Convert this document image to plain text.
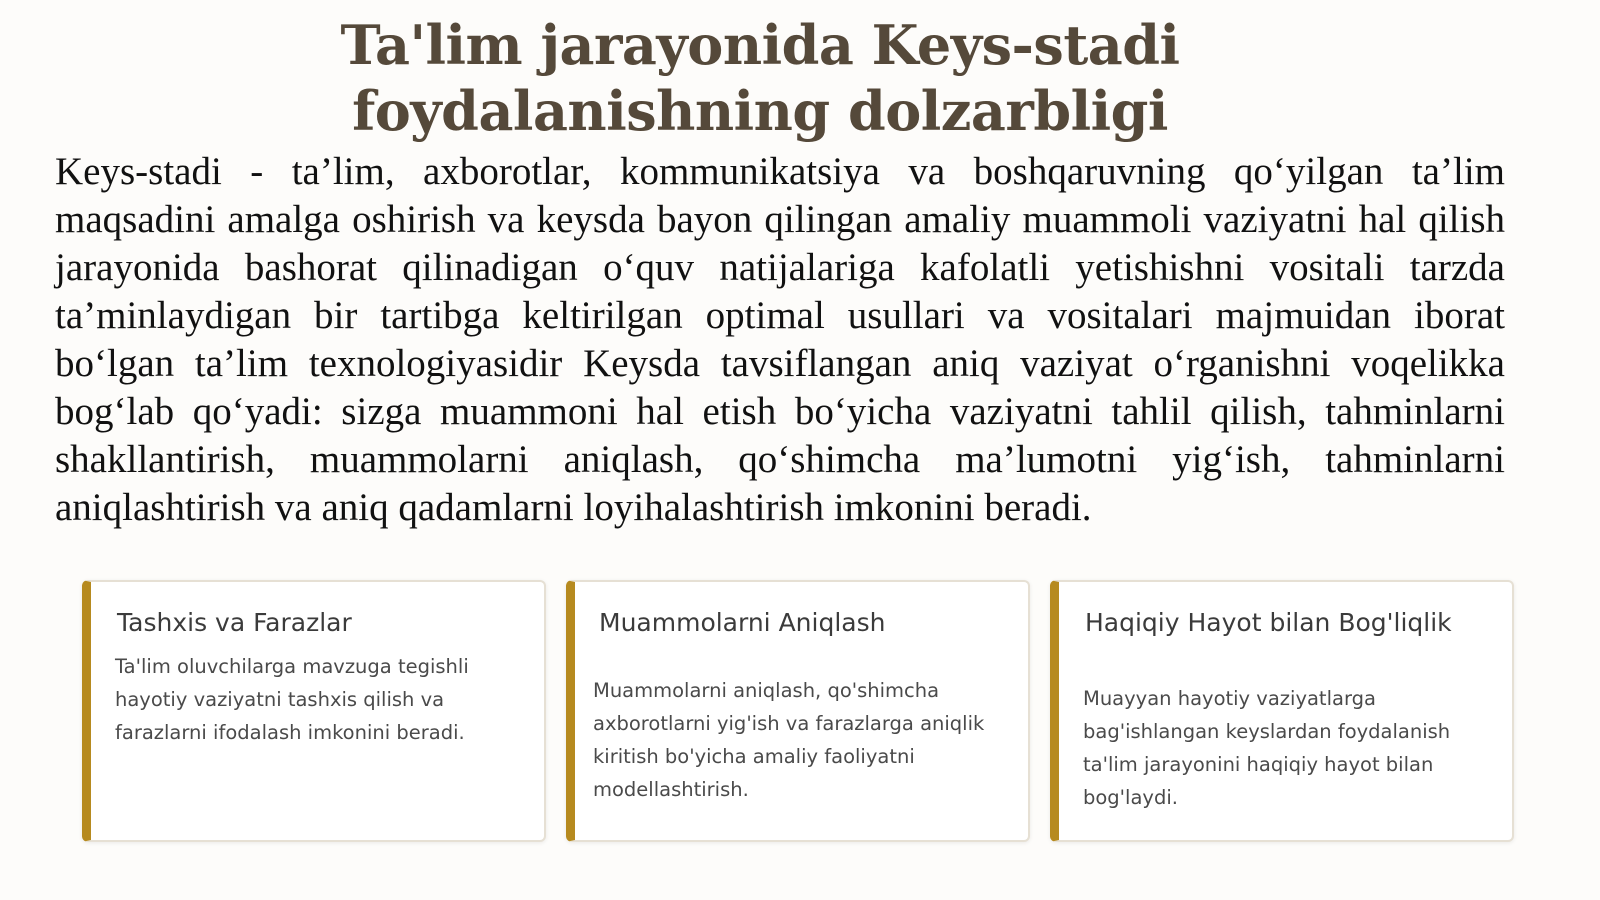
Ta'lim jarayonida Keys-stadi foydalanishning dolzarbligi

Keys-stadi - ta’lim, axborotlar, kommunikatsiya va boshqaruvning qo‘yilgan ta’lim maqsadini amalga oshirish va keysda bayon qilingan amaliy muammoli vaziyatni hal qilish jarayonida bashorat qilinadigan o‘quv natijalariga kafolatli yetishishni vositali tarzda ta’minlaydigan bir tartibga keltirilgan optimal usullari va vositalari majmuidan iborat bo‘lgan ta’lim texnologiyasidir Keysda tavsiflangan aniq vaziyat o‘rganishni voqelikka bog‘lab qo‘yadi: sizga muammoni hal etish bo‘yicha vaziyatni tahlil qilish, tahminlarni shakllantirish, muammolarni aniqlash, qo‘shimcha ma’lumotni yig‘ish, tahminlarni aniqlashtirish va aniq qadamlarni loyihalashtirish imkonini beradi.

Tashxis va Farazlar

Ta'lim oluvchilarga mavzuga tegishli hayotiy vaziyatni tashxis qilish va farazlarni ifodalash imkonini beradi.

Muammolarni Aniqlash

Muammolarni aniqlash, qo'shimcha axborotlarni yig'ish va farazlarga aniqlik kiritish bo'yicha amaliy faoliyatni modellashtirish.

Haqiqiy Hayot bilan Bog'liqlik

Muayyan hayotiy vaziyatlarga bag'ishlangan keyslardan foydalanish ta'lim jarayonini haqiqiy hayot bilan bog'laydi.
